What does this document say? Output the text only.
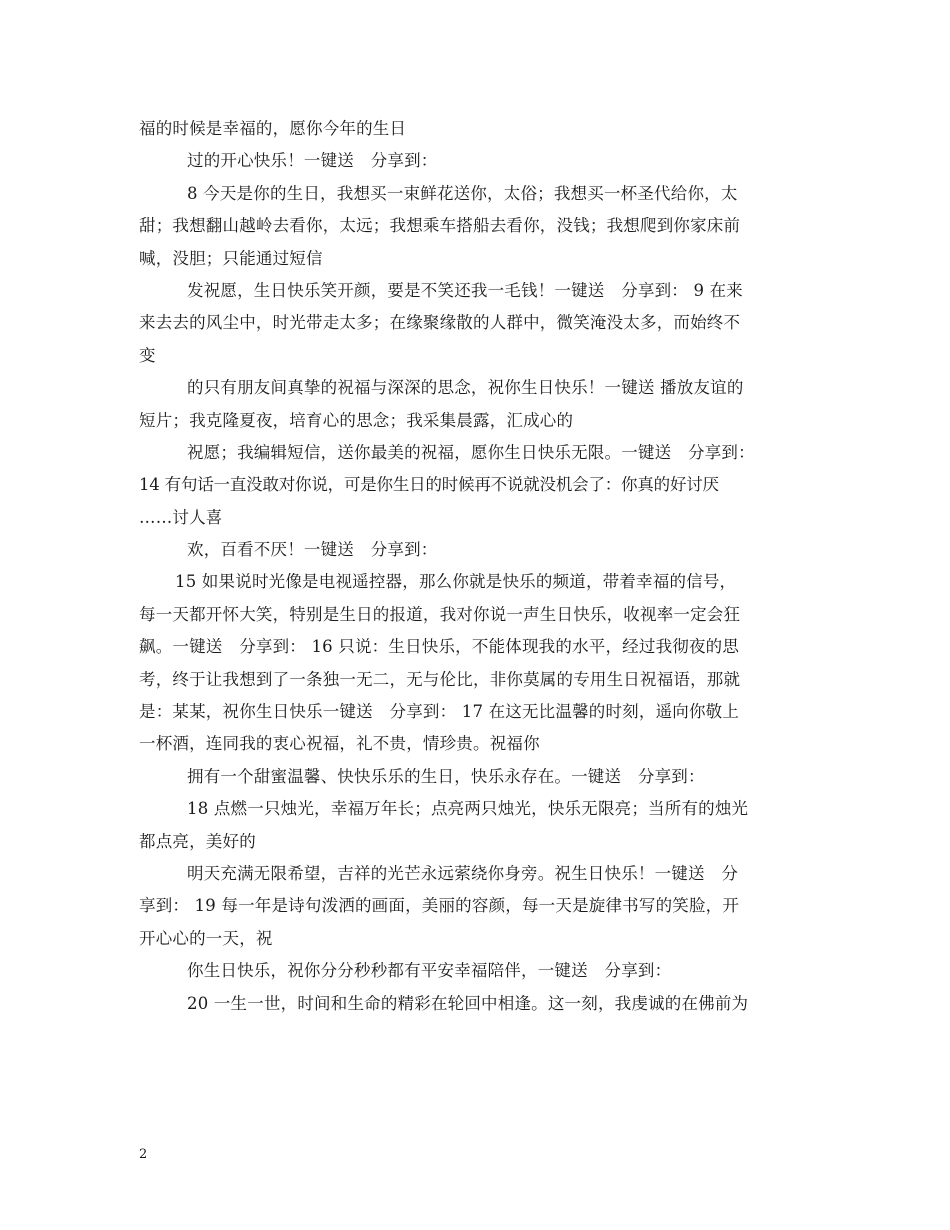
福的时候是幸福的，愿你今年的生日
过的开心快乐！一键送　分享到：
8 今天是你的生日，我想买一束鲜花送你，太俗；我想买一杯圣代给你，太
甜；我想翻山越岭去看你，太远；我想乘车搭船去看你，没钱；我想爬到你家床前
喊，没胆；只能通过短信
发祝愿，生日快乐笑开颜，要是不笑还我一毛钱！一键送　分享到： 9 在来
来去去的风尘中，时光带走太多；在缘聚缘散的人群中，微笑淹没太多，而始终不
变
的只有朋友间真挚的祝福与深深的思念，祝你生日快乐！一键送 播放友谊的
短片；我克隆夏夜，培育心的思念；我采集晨露，汇成心的
祝愿；我编辑短信，送你最美的祝福，愿你生日快乐无限。一键送　分享到：
14 有句话一直没敢对你说，可是你生日的时候再不说就没机会了：你真的好讨厌
……讨人喜
欢，百看不厌！一键送　分享到：
15 如果说时光像是电视遥控器，那么你就是快乐的频道，带着幸福的信号，
每一天都开怀大笑，特别是生日的报道，我对你说一声生日快乐，收视率一定会狂
飙。一键送　分享到： 16 只说：生日快乐，不能体现我的水平，经过我彻夜的思
考，终于让我想到了一条独一无二，无与伦比，非你莫属的专用生日祝福语，那就
是：某某，祝你生日快乐一键送　分享到： 17 在这无比温馨的时刻，遥向你敬上
一杯酒，连同我的衷心祝福，礼不贵，情珍贵。祝福你
拥有一个甜蜜温馨、快快乐乐的生日，快乐永存在。一键送　分享到：
18 点燃一只烛光，幸福万年长；点亮两只烛光，快乐无限亮；当所有的烛光
都点亮，美好的
明天充满无限希望，吉祥的光芒永远萦绕你身旁。祝生日快乐！一键送　分
享到： 19 每一年是诗句泼洒的画面，美丽的容颜，每一天是旋律书写的笑脸，开
开心心的一天，祝
你生日快乐，祝你分分秒秒都有平安幸福陪伴，一键送　分享到：
20 一生一世，时间和生命的精彩在轮回中相逢。这一刻，我虔诚的在佛前为
2
